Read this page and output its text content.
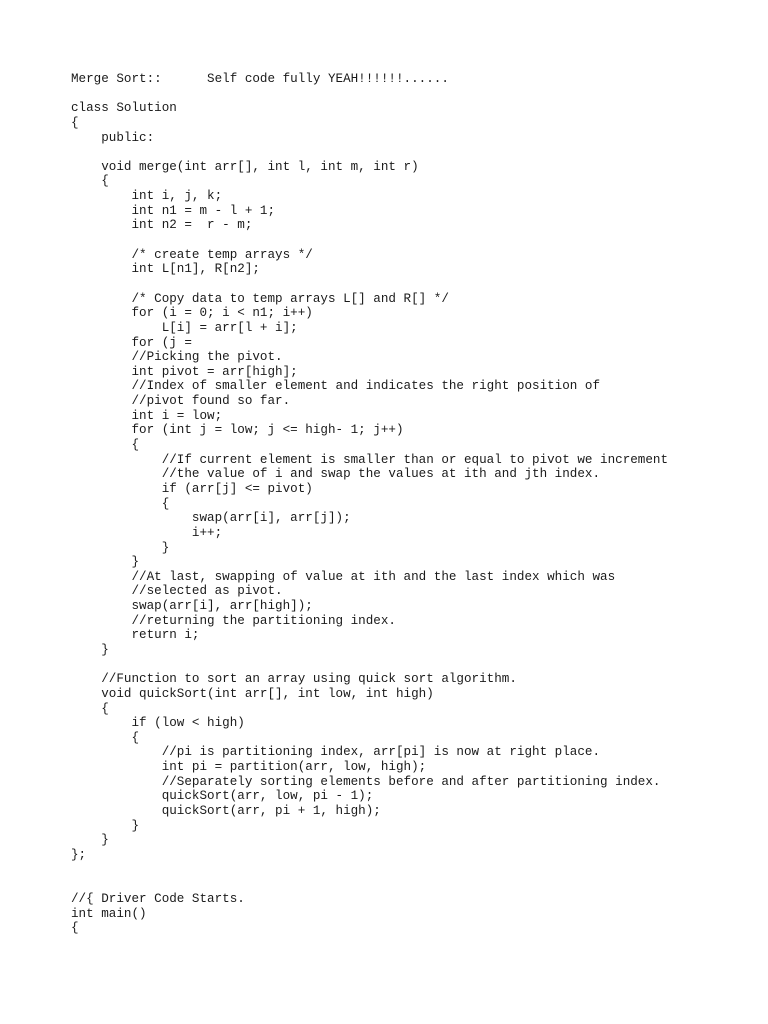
Merge Sort::      Self code fully YEAH!!!!!!......
class Solution
{
public:
void merge(int arr[], int l, int m, int r)
{
int i, j, k;
int n1 = m - l + 1;
int n2 =  r - m;
/* create temp arrays */
int L[n1], R[n2];
/* Copy data to temp arrays L[] and R[] */
for (i = 0; i < n1; i++)
L[i] = arr[l + i];
for (j =
//Picking the pivot.
int pivot = arr[high];
//Index of smaller element and indicates the right position of
//pivot found so far.
int i = low;
for (int j = low; j <= high- 1; j++)
{
//If current element is smaller than or equal to pivot we increment
//the value of i and swap the values at ith and jth index.
if (arr[j] <= pivot)
{
swap(arr[i], arr[j]);
i++;
}
}
//At last, swapping of value at ith and the last index which was
//selected as pivot.
swap(arr[i], arr[high]);
//returning the partitioning index.
return i;
}
//Function to sort an array using quick sort algorithm.
void quickSort(int arr[], int low, int high)
{
if (low < high)
{
//pi is partitioning index, arr[pi] is now at right place.
int pi = partition(arr, low, high);
//Separately sorting elements before and after partitioning index.
quickSort(arr, low, pi - 1);
quickSort(arr, pi + 1, high);
}
}
};
//{ Driver Code Starts.
int main()
{
